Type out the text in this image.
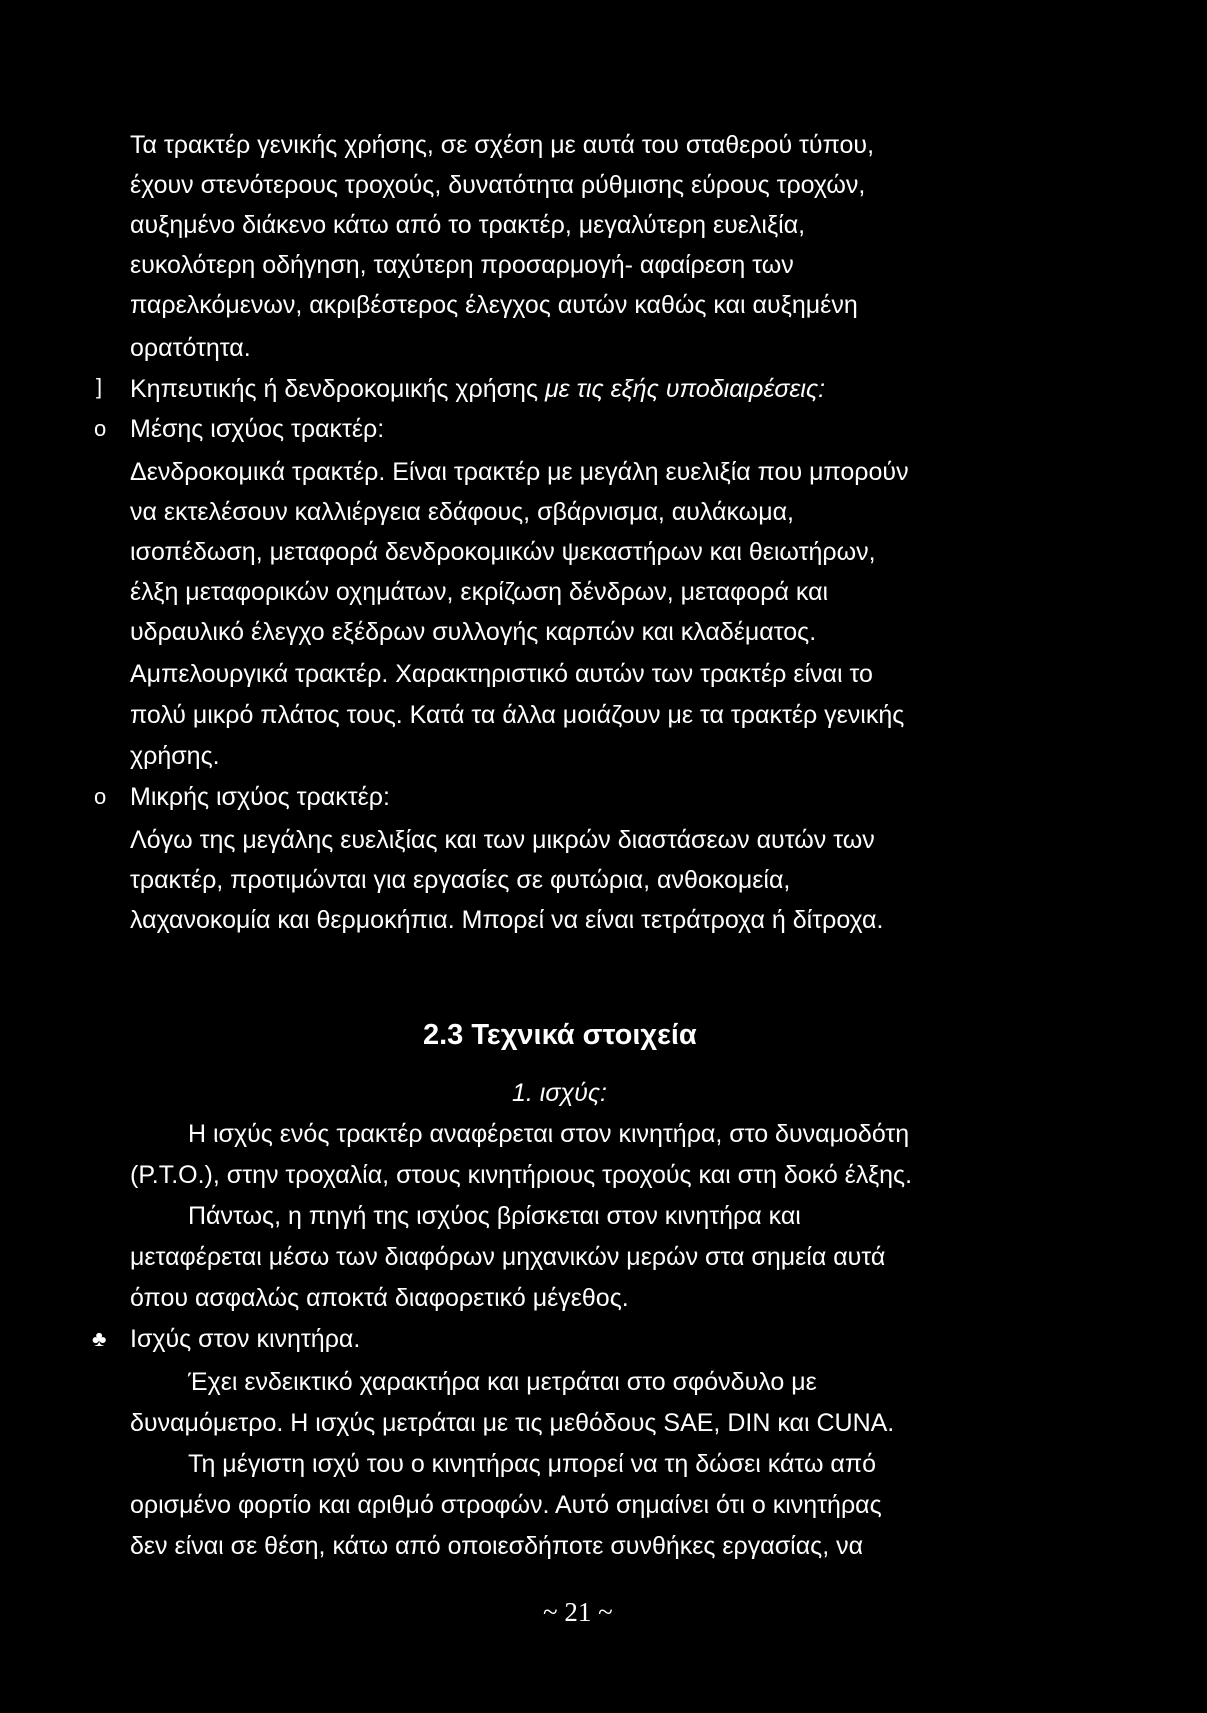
Τα τρακτέρ γενικής χρήσης, σε σχέση με αυτά του σταθερού τύπου,
έχουν στενότερους τροχούς, δυνατότητα ρύθμισης εύρους τροχών,
αυξημένο διάκενο κάτω από το τρακτέρ, μεγαλύτερη ευελιξία,
ευκολότερη οδήγηση, ταχύτερη προσαρμογή- αφαίρεση των
παρελκόμενων, ακριβέστερος έλεγχος αυτών καθώς και αυξημένη
ορατότητα.
] Κηπευτικής ή δενδροκομικής χρήσης με τις εξής υποδιαιρέσεις:
o Μέσης ισχύος τρακτέρ:
Δενδροκομικά τρακτέρ. Είναι τρακτέρ με μεγάλη ευελιξία που μπορούν
να εκτελέσουν καλλιέργεια εδάφους, σβάρνισμα, αυλάκωμα,
ισοπέδωση, μεταφορά δενδροκομικών ψεκαστήρων και θειωτήρων,
έλξη μεταφορικών οχημάτων, εκρίζωση δένδρων, μεταφορά και
υδραυλικό έλεγχο εξέδρων συλλογής καρπών και κλαδέματος.
Αμπελουργικά τρακτέρ. Χαρακτηριστικό αυτών των τρακτέρ είναι το
πολύ μικρό πλάτος τους. Κατά τα άλλα μοιάζουν με τα τρακτέρ γενικής
χρήσης.
o Μικρής ισχύος τρακτέρ:
Λόγω της μεγάλης ευελιξίας και των μικρών διαστάσεων αυτών των
τρακτέρ, προτιμώνται για εργασίες σε φυτώρια, ανθοκομεία,
λαχανοκομία και θερμοκήπια. Μπορεί να είναι τετράτροχα ή δίτροχα.
2.3 Τεχνικά στοιχεία
1. ισχύς:
Η ισχύς ενός τρακτέρ αναφέρεται στον κινητήρα, στο δυναμοδότη
(P.T.O.), στην τροχαλία, στους κινητήριους τροχούς και στη δοκό έλξης.
Πάντως, η πηγή της ισχύος βρίσκεται στον κινητήρα και
μεταφέρεται μέσω των διαφόρων μηχανικών μερών στα σημεία αυτά
όπου ασφαλώς αποκτά διαφορετικό μέγεθος.
♣ Ισχύς στον κινητήρα.
Έχει ενδεικτικό χαρακτήρα και μετράται στο σφόνδυλο με
δυναμόμετρο. Η ισχύς μετράται με τις μεθόδους SAE, DIN και CUNA.
Τη μέγιστη ισχύ του ο κινητήρας μπορεί να τη δώσει κάτω από
ορισμένο φορτίο και αριθμό στροφών. Αυτό σημαίνει ότι ο κινητήρας
δεν είναι σε θέση, κάτω από οποιεσδήποτε συνθήκες εργασίας, να
~ 21 ~
